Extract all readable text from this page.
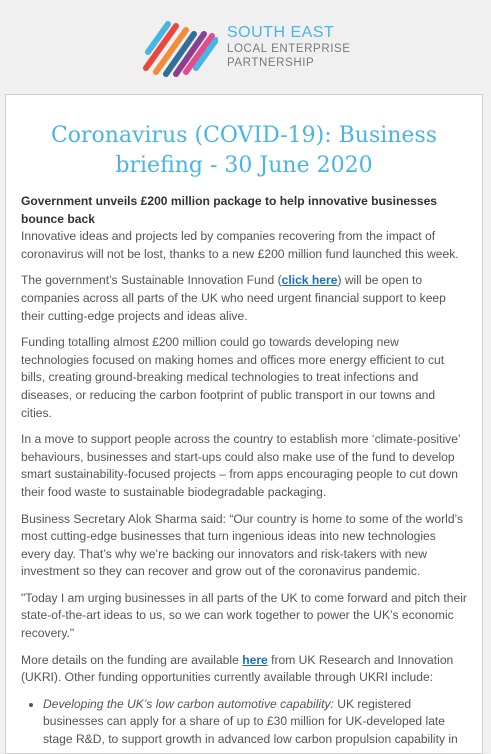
SOUTH EAST
LOCAL ENTERPRISE
PARTNERSHIP
Coronavirus (COVID-19): Business briefing - 30 June 2020

Government unveils £200 million package to help innovative businesses bounce back
Innovative ideas and projects led by companies recovering from the impact of coronavirus will not be lost, thanks to a new £200 million fund launched this week.

The government’s Sustainable Innovation Fund (click here) will be open to companies across all parts of the UK who need urgent financial support to keep their cutting-edge projects and ideas alive.

Funding totalling almost £200 million could go towards developing new technologies focused on making homes and offices more energy efficient to cut bills, creating ground-breaking medical technologies to treat infections and diseases, or reducing the carbon footprint of public transport in our towns and cities.

In a move to support people across the country to establish more ‘climate-positive’ behaviours, businesses and start-ups could also make use of the fund to develop smart sustainability-focused projects – from apps encouraging people to cut down their food waste to sustainable biodegradable packaging.

Business Secretary Alok Sharma said: “Our country is home to some of the world’s most cutting-edge businesses that turn ingenious ideas into new technologies every day. That’s why we’re backing our innovators and risk-takers with new investment so they can recover and grow out of the coronavirus pandemic.

"Today I am urging businesses in all parts of the UK to come forward and pitch their state-of-the-art ideas to us, so we can work together to power the UK’s economic recovery."

More details on the funding are available here from UK Research and Innovation (UKRI). Other funding opportunities currently available through UKRI include:

• Developing the UK’s low carbon automotive capability: UK registered businesses can apply for a share of up to £30 million for UK-developed late stage R&D, to support growth in advanced low carbon propulsion capability in
